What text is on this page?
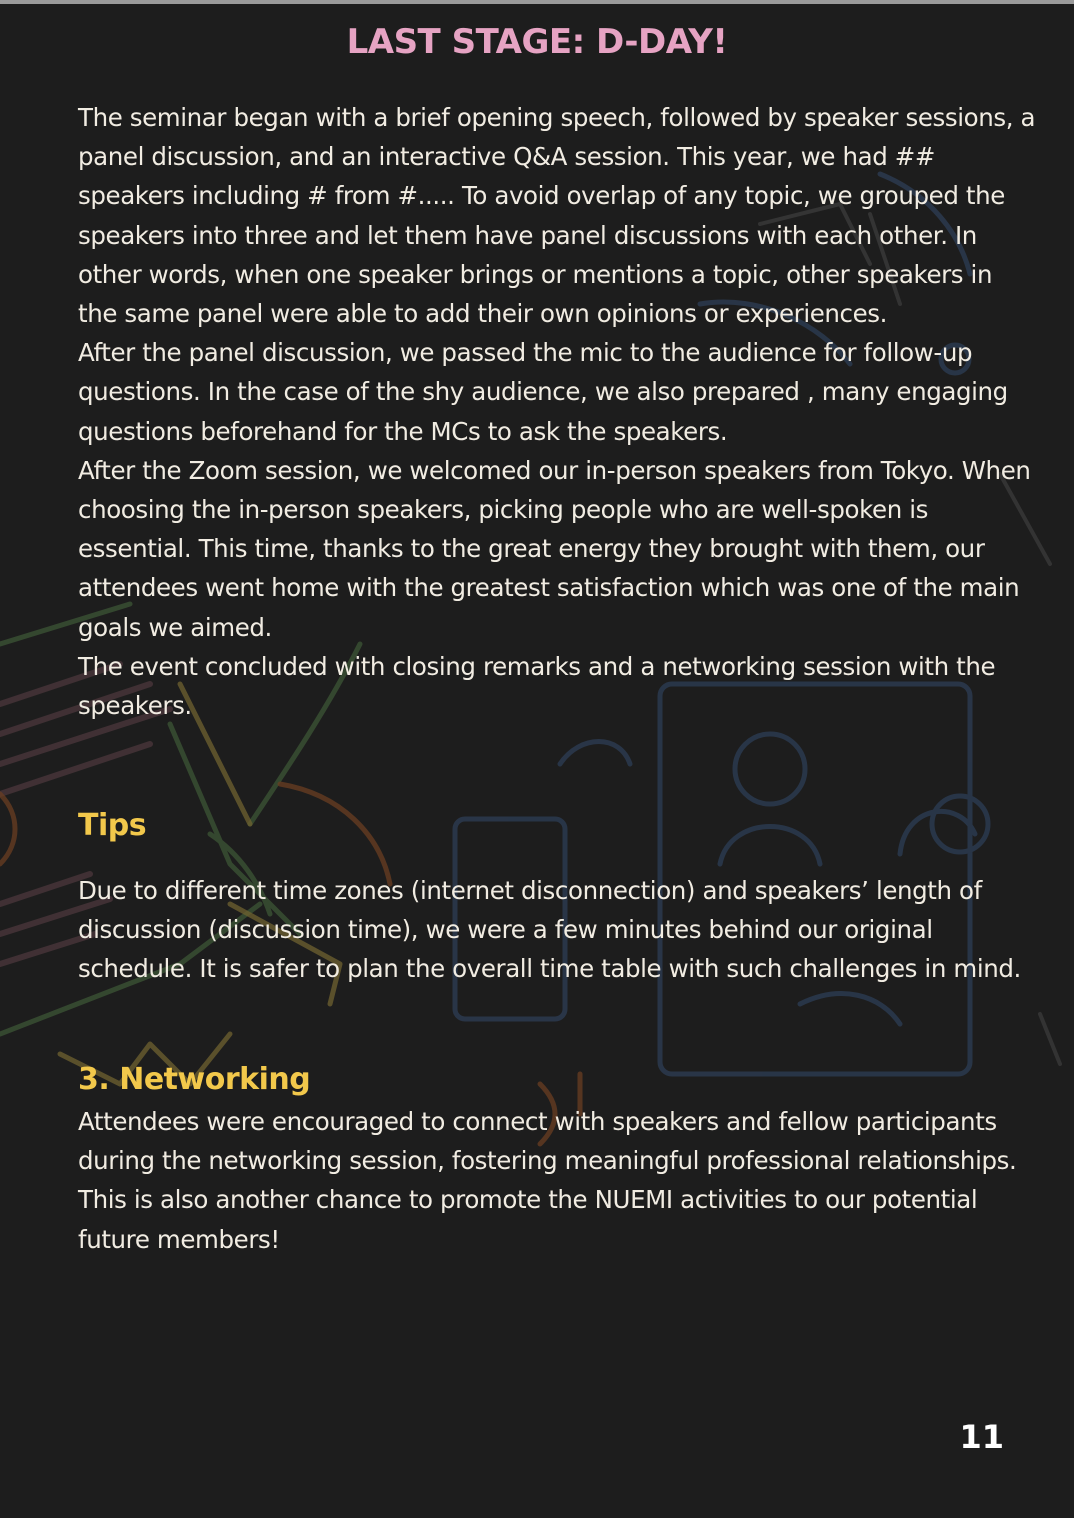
LAST STAGE: D-DAY!

The seminar began with a brief opening speech, followed by speaker sessions, a panel discussion, and an interactive Q&A session. This year, we had ## speakers including # from #..... To avoid overlap of any topic, we grouped the speakers into three and let them have panel discussions with each other. In other words, when one speaker brings or mentions a topic, other speakers in the same panel were able to add their own opinions or experiences.

After the panel discussion, we passed the mic to the audience for follow-up questions. In the case of the shy audience, we also prepared , many engaging questions beforehand for the MCs to ask the speakers.

After the Zoom session, we welcomed our in-person speakers from Tokyo. When choosing the in-person speakers, picking people who are well-spoken is essential. This time, thanks to the great energy they brought with them, our attendees went home with the greatest satisfaction which was one of the main goals we aimed.

The event concluded with closing remarks and a networking session with the speakers.

Tips

Due to different time zones (internet disconnection) and speakers’ length of discussion (discussion time), we were a few minutes behind our original schedule. It is safer to plan the overall time table with such challenges in mind.

3. Networking

Attendees were encouraged to connect with speakers and fellow participants during the networking session, fostering meaningful professional relationships. This is also another chance to promote the NUEMI activities to our potential future members!

11
